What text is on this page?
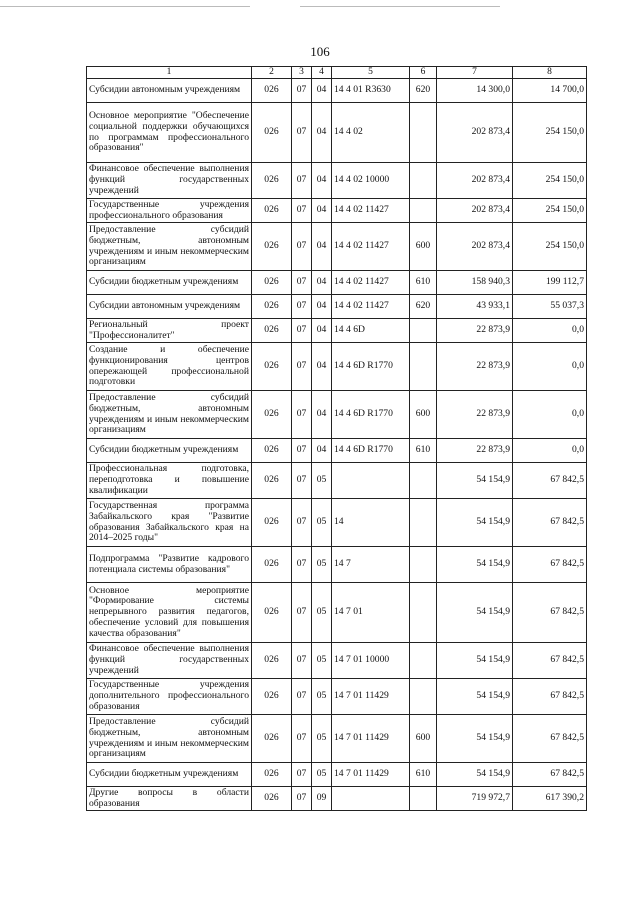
106
1	2	3	4	5	6	7	8
Субсидии автономным учреждениям	026	07	04	14 4 01 R3630	620	14 300,0	14 700,0
Основное мероприятие "Обеспечение социальной поддержки обучающихся по программам профессионального образования"	026	07	04	14 4 02		202 873,4	254 150,0
Финансовое обеспечение выполнения функций государственных учреждений	026	07	04	14 4 02 10000		202 873,4	254 150,0
Государственные учреждения профессионального образования	026	07	04	14 4 02 11427		202 873,4	254 150,0
Предоставление субсидий бюджетным, автономным учреждениям и иным некоммерческим организациям	026	07	04	14 4 02 11427	600	202 873,4	254 150,0
Субсидии бюджетным учреждениям	026	07	04	14 4 02 11427	610	158 940,3	199 112,7
Субсидии автономным учреждениям	026	07	04	14 4 02 11427	620	43 933,1	55 037,3
Региональный проект "Профессионалитет"	026	07	04	14 4 6D		22 873,9	0,0
Создание и обеспечение функционирования центров опережающей профессиональной подготовки	026	07	04	14 4 6D R1770		22 873,9	0,0
Предоставление субсидий бюджетным, автономным учреждениям и иным некоммерческим организациям	026	07	04	14 4 6D R1770	600	22 873,9	0,0
Субсидии бюджетным учреждениям	026	07	04	14 4 6D R1770	610	22 873,9	0,0
Профессиональная подготовка, переподготовка и повышение квалификации	026	07	05			54 154,9	67 842,5
Государственная программа Забайкальского края "Развитие образования Забайкальского края на 2014–2025 годы"	026	07	05	14		54 154,9	67 842,5
Подпрограмма "Развитие кадрового потенциала системы образования"	026	07	05	14 7		54 154,9	67 842,5
Основное мероприятие "Формирование системы непрерывного развития педагогов, обеспечение условий для повышения качества образования"	026	07	05	14 7 01		54 154,9	67 842,5
Финансовое обеспечение выполнения функций государственных учреждений	026	07	05	14 7 01 10000		54 154,9	67 842,5
Государственные учреждения дополнительного профессионального образования	026	07	05	14 7 01 11429		54 154,9	67 842,5
Предоставление субсидий бюджетным, автономным учреждениям и иным некоммерческим организациям	026	07	05	14 7 01 11429	600	54 154,9	67 842,5
Субсидии бюджетным учреждениям	026	07	05	14 7 01 11429	610	54 154,9	67 842,5
Другие вопросы в области образования	026	07	09			719 972,7	617 390,2
